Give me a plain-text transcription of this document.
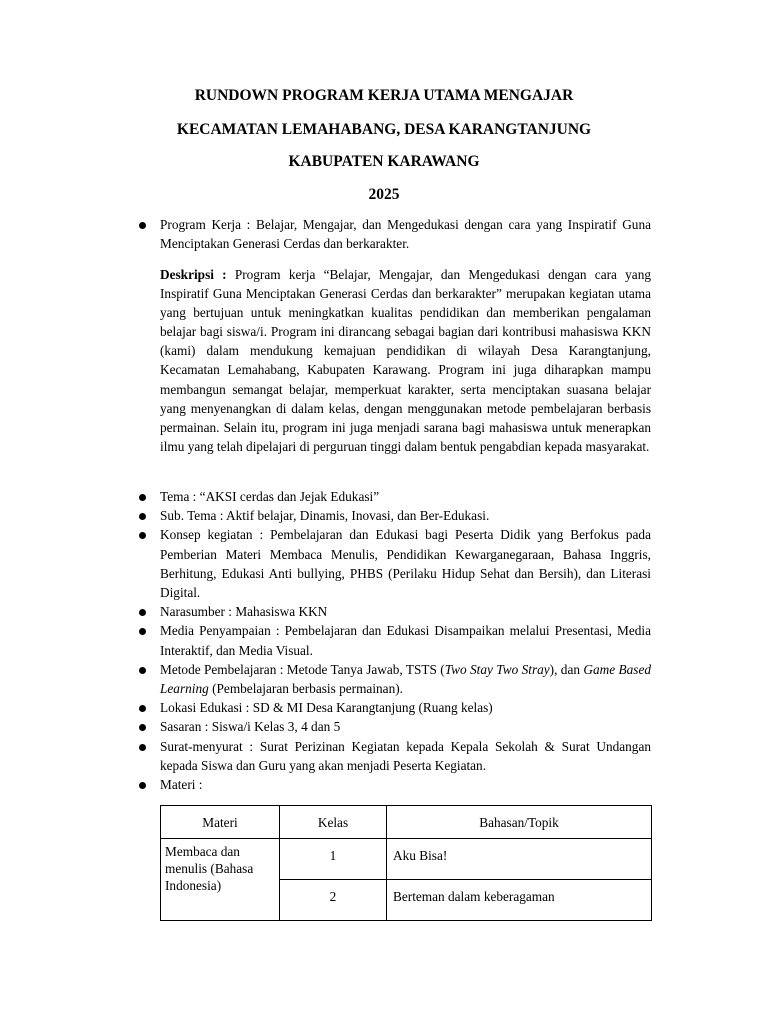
RUNDOWN PROGRAM KERJA UTAMA MENGAJAR
KECAMATAN LEMAHABANG, DESA KARANGTANJUNG
KABUPATEN KARAWANG
2025
Program Kerja : Belajar, Mengajar, dan Mengedukasi dengan cara yang Inspiratif Guna Menciptakan Generasi Cerdas dan berkarakter.
Deskripsi : Program kerja “Belajar, Mengajar, dan Mengedukasi dengan cara yang Inspiratif Guna Menciptakan Generasi Cerdas dan berkarakter” merupakan kegiatan utama yang bertujuan untuk meningkatkan kualitas pendidikan dan memberikan pengalaman belajar bagi siswa/i. Program ini dirancang sebagai bagian dari kontribusi mahasiswa KKN (kami) dalam mendukung kemajuan pendidikan di wilayah Desa Karangtanjung, Kecamatan Lemahabang, Kabupaten Karawang. Program ini juga diharapkan mampu membangun semangat belajar, memperkuat karakter, serta menciptakan suasana belajar yang menyenangkan di dalam kelas, dengan menggunakan metode pembelajaran berbasis permainan. Selain itu, program ini juga menjadi sarana bagi mahasiswa untuk menerapkan ilmu yang telah dipelajari di perguruan tinggi dalam bentuk pengabdian kepada masyarakat.
Tema : “AKSI cerdas dan Jejak Edukasi”
Sub. Tema : Aktif belajar, Dinamis, Inovasi, dan Ber-Edukasi.
Konsep kegiatan : Pembelajaran dan Edukasi bagi Peserta Didik yang Berfokus pada Pemberian Materi Membaca Menulis, Pendidikan Kewarganegaraan, Bahasa Inggris, Berhitung, Edukasi Anti bullying, PHBS (Perilaku Hidup Sehat dan Bersih), dan Literasi Digital.
Narasumber : Mahasiswa KKN
Media Penyampaian : Pembelajaran dan Edukasi Disampaikan melalui Presentasi, Media Interaktif, dan Media Visual.
Metode Pembelajaran : Metode Tanya Jawab, TSTS (Two Stay Two Stray), dan Game Based Learning (Pembelajaran berbasis permainan).
Lokasi Edukasi : SD & MI Desa Karangtanjung (Ruang kelas)
Sasaran : Siswa/i Kelas 3, 4 dan 5
Surat-menyurat : Surat Perizinan Kegiatan kepada Kepala Sekolah & Surat Undangan kepada Siswa dan Guru yang akan menjadi Peserta Kegiatan.
Materi :
Materi	Kelas	Bahasan/Topik
Membaca dan menulis (Bahasa Indonesia)	1	Aku Bisa!
	2	Berteman dalam keberagaman
